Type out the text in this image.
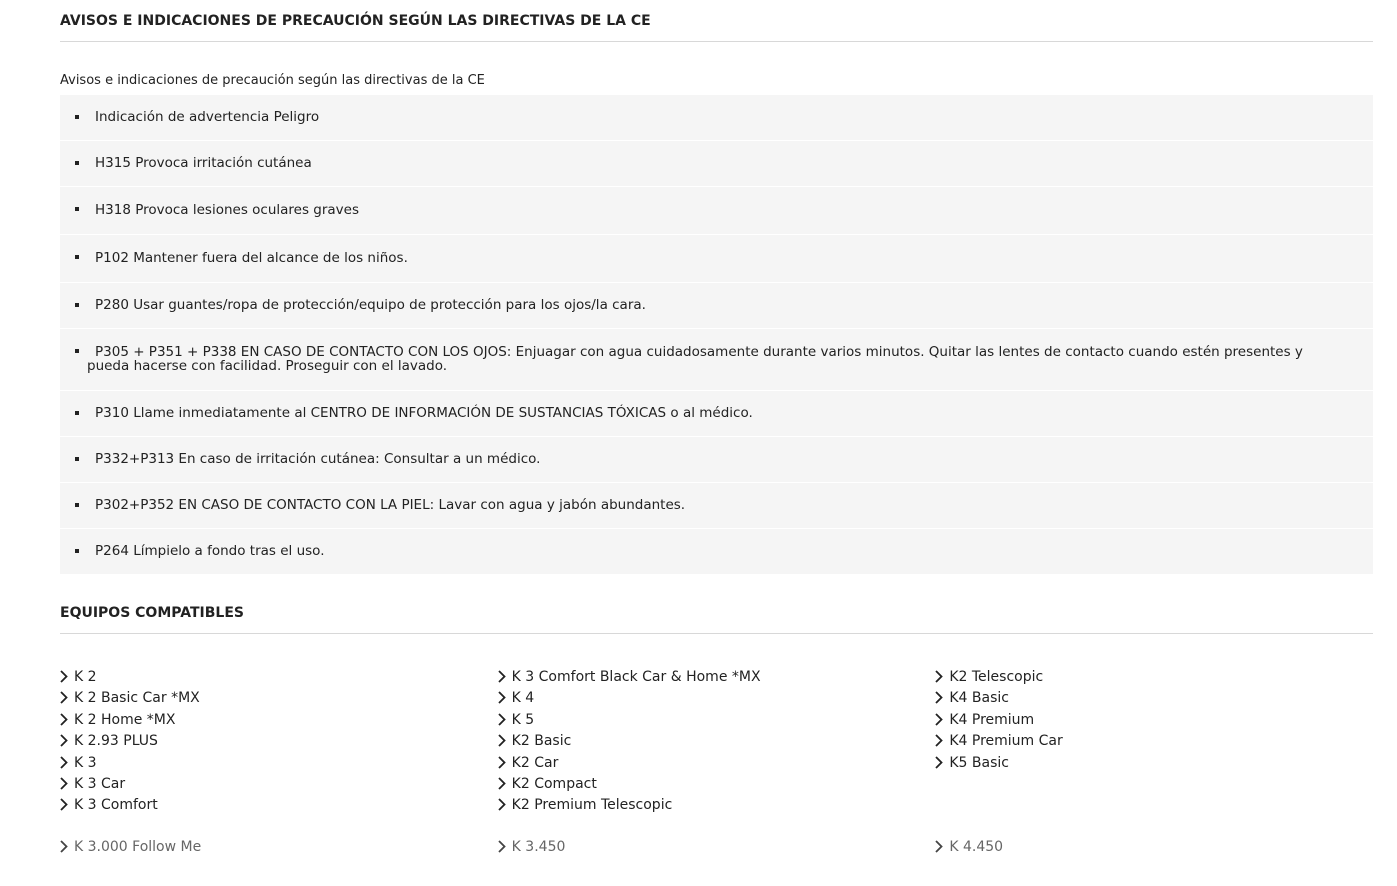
AVISOS E INDICACIONES DE PRECAUCIÓN SEGÚN LAS DIRECTIVAS DE LA CE
Avisos e indicaciones de precaución según las directivas de la CE
Indicación de advertencia Peligro
H315 Provoca irritación cutánea
H318 Provoca lesiones oculares graves
P102 Mantener fuera del alcance de los niños.
P280 Usar guantes/ropa de protección/equipo de protección para los ojos/la cara.
P305 + P351 + P338 EN CASO DE CONTACTO CON LOS OJOS: Enjuagar con agua cuidadosamente durante varios minutos. Quitar las lentes de contacto cuando estén presentes y pueda hacerse con facilidad. Proseguir con el lavado.
P310 Llame inmediatamente al CENTRO DE INFORMACIÓN DE SUSTANCIAS TÓXICAS o al médico.
P332+P313 En caso de irritación cutánea: Consultar a un médico.
P302+P352 EN CASO DE CONTACTO CON LA PIEL: Lavar con agua y jabón abundantes.
P264 Límpielo a fondo tras el uso.
EQUIPOS COMPATIBLES
K 2
K 2 Basic Car *MX
K 2 Home *MX
K 2.93 PLUS
K 3
K 3 Car
K 3 Comfort
K 3 Comfort Black Car & Home *MX
K 4
K 5
K2 Basic
K2 Car
K2 Compact
K2 Premium Telescopic
K2 Telescopic
K4 Basic
K4 Premium
K4 Premium Car
K5 Basic
K 3.000 Follow Me	K 3.450	K 4.450
